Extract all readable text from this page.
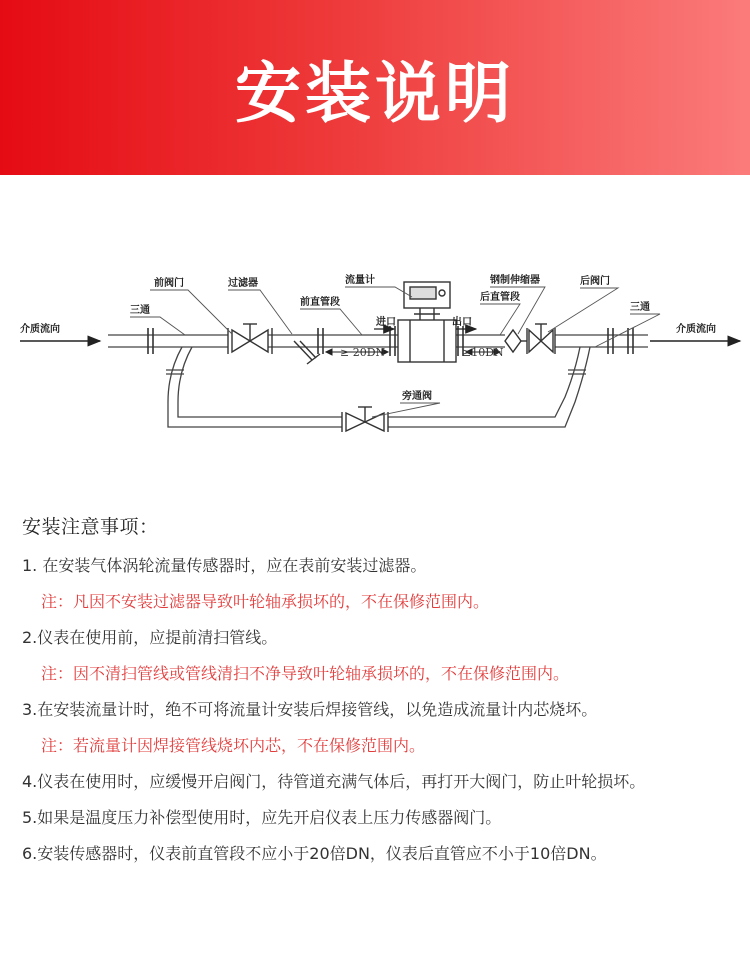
安装说明
介质流向	介质流向
进口	出口
≥ 20DN	≥10DN
前阀门
三通
过滤器
前直管段
流量计	钢制伸缩器
后直管段
后阀门
三通
旁通阀
安装注意事项：
1. 在安装气体涡轮流量传感器时，应在表前安装过滤器。
注：凡因不安装过滤器导致叶轮轴承损坏的，不在保修范围内。
2.仪表在使用前，应提前清扫管线。
注：因不清扫管线或管线清扫不净导致叶轮轴承损坏的，不在保修范围内。
3.在安装流量计时，绝不可将流量计安装后焊接管线，以免造成流量计内芯烧坏。
注：若流量计因焊接管线烧坏内芯，不在保修范围内。
4.仪表在使用时，应缓慢开启阀门，待管道充满气体后，再打开大阀门，防止叶轮损坏。
5.如果是温度压力补偿型使用时，应先开启仪表上压力传感器阀门。
6.安装传感器时，仪表前直管段不应小于20倍DN，仪表后直管应不小于10倍DN。
